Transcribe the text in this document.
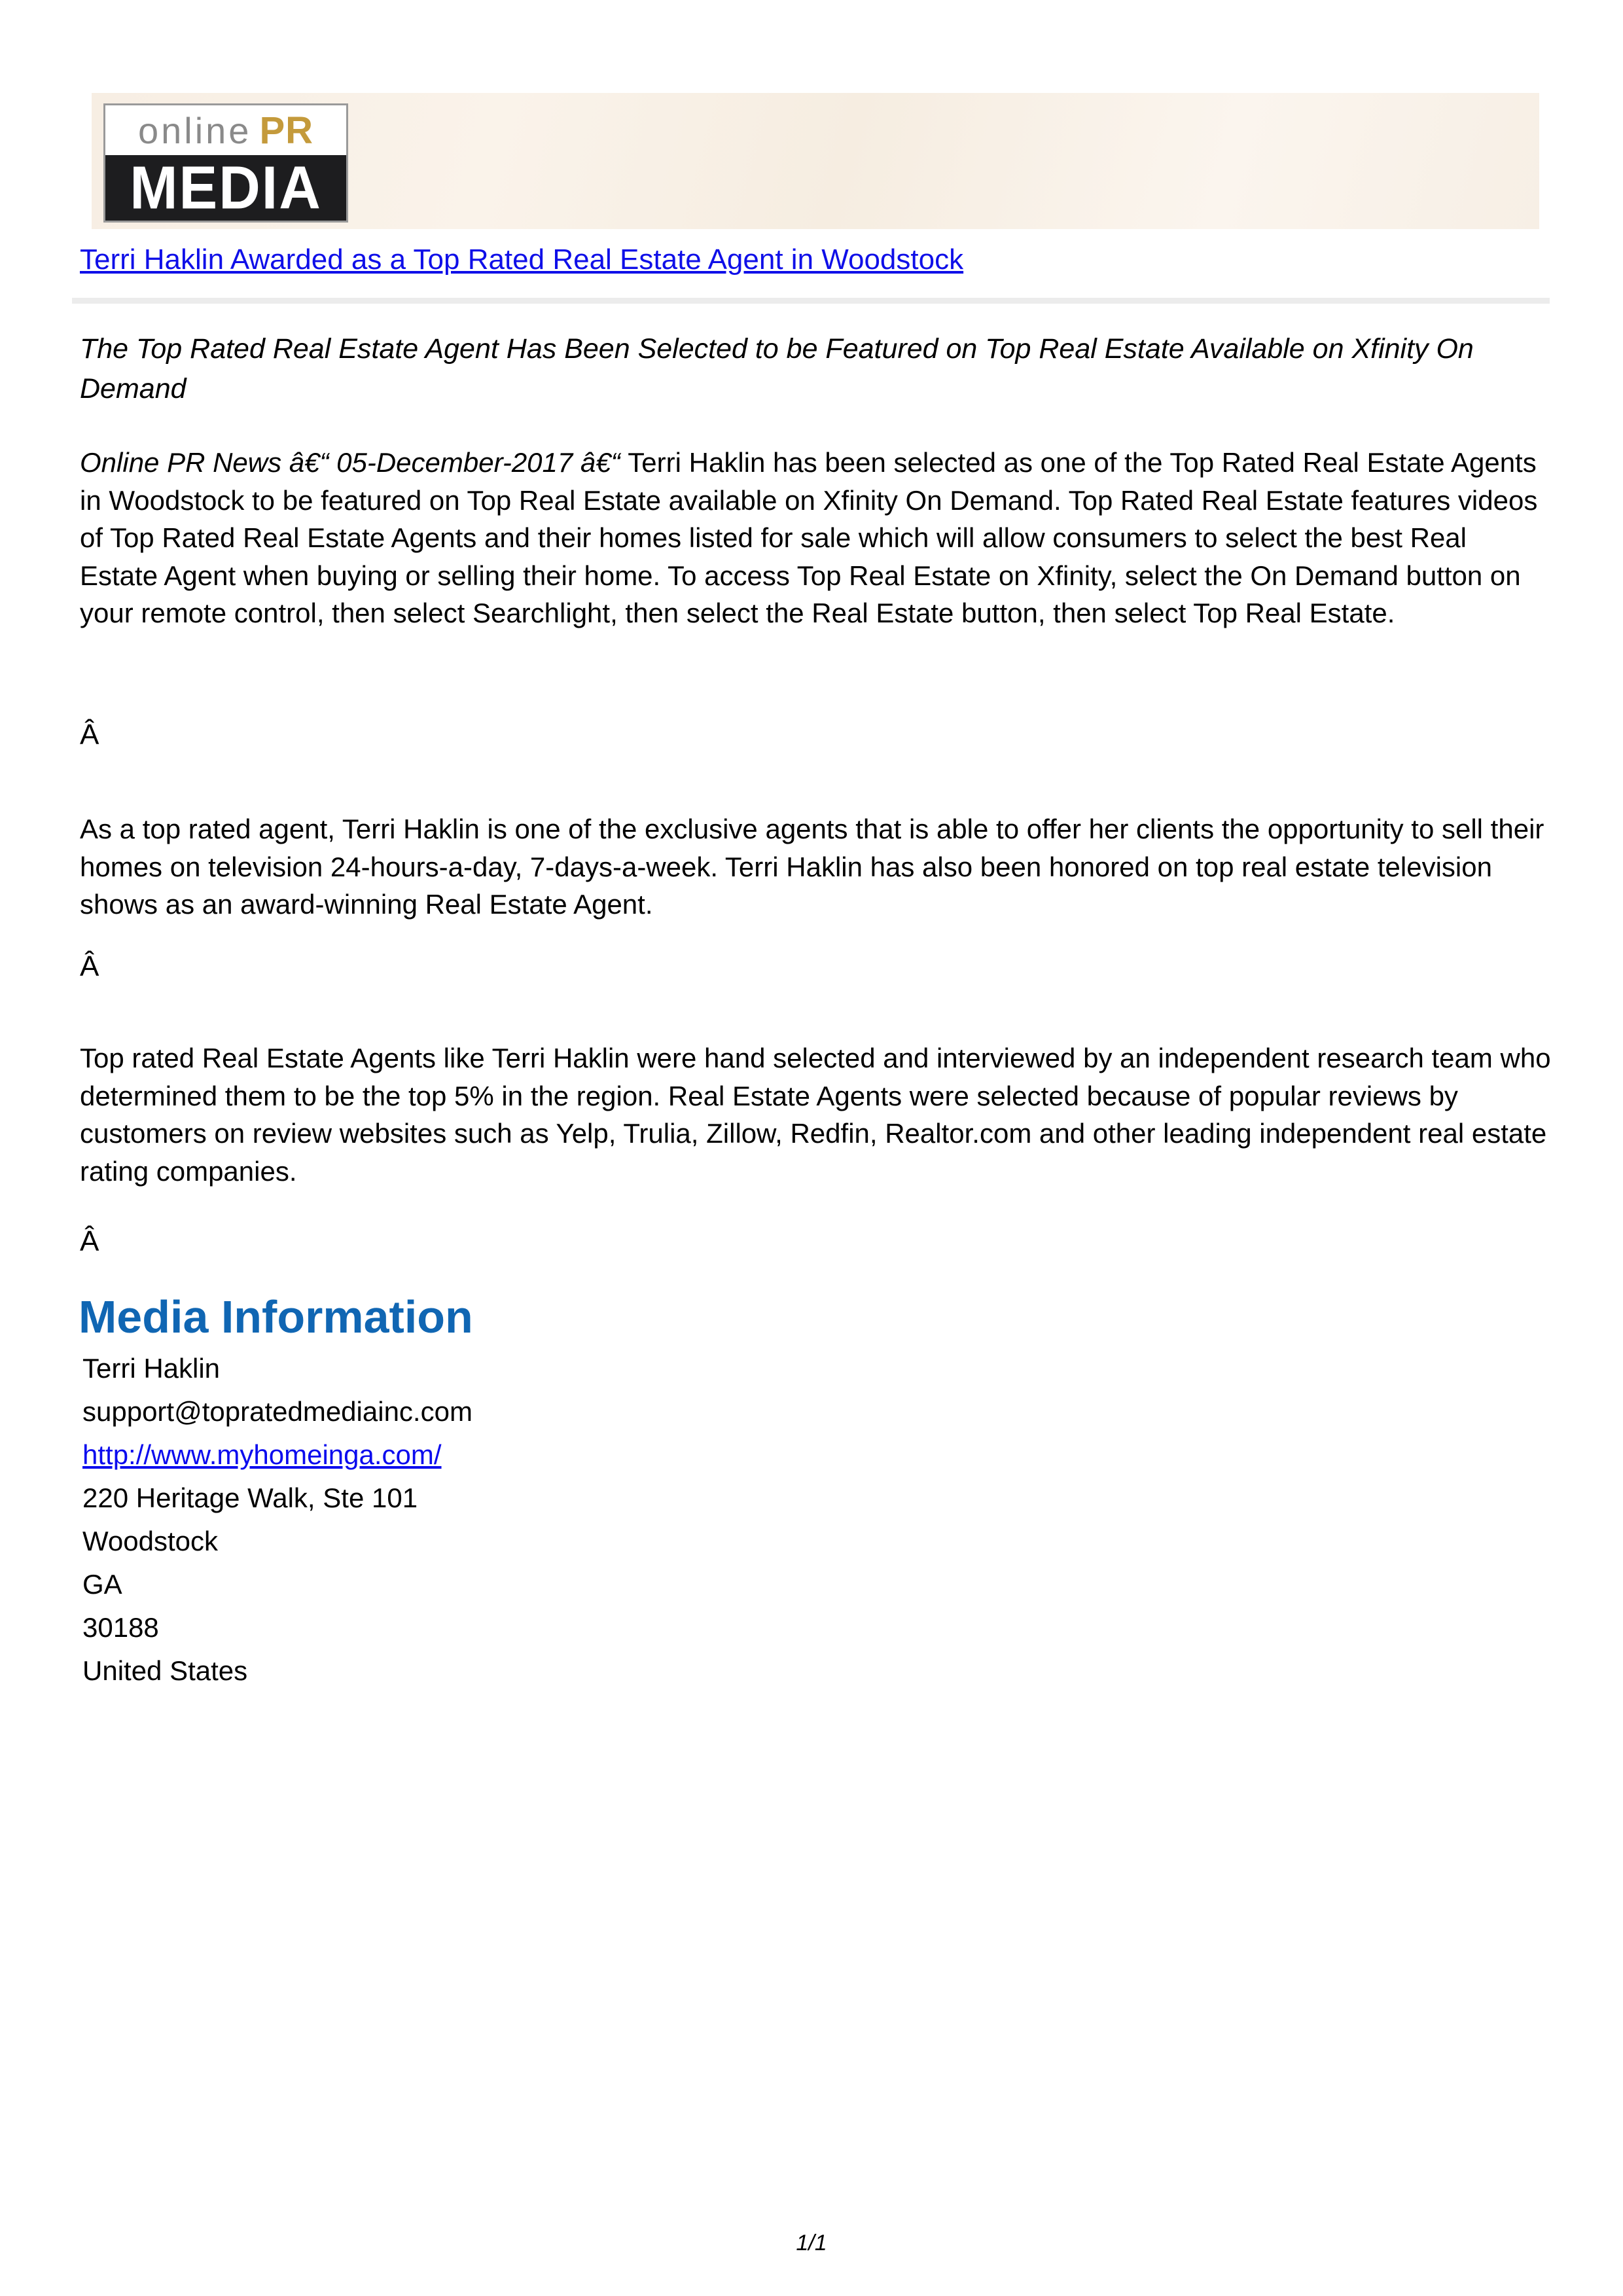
online PR
MEDIA
Terri Haklin Awarded as a Top Rated Real Estate Agent in Woodstock
The Top Rated Real Estate Agent Has Been Selected to be Featured on Top Real Estate Available on Xfinity On Demand

Online PR News â€“ 05-December-2017 â€“ Terri Haklin has been selected as one of the Top Rated Real Estate Agents in Woodstock to be featured on Top Real Estate available on Xfinity On Demand. Top Rated Real Estate features videos of Top Rated Real Estate Agents and their homes listed for sale which will allow consumers to select the best Real Estate Agent when buying or selling their home. To access Top Real Estate on Xfinity, select the On Demand button on your remote control, then select Searchlight, then select the Real Estate button, then select Top Real Estate.

Â

As a top rated agent, Terri Haklin is one of the exclusive agents that is able to offer her clients the opportunity to sell their homes on television 24-hours-a-day, 7-days-a-week. Terri Haklin has also been honored on top real estate television shows as an award-winning Real Estate Agent.

Â

Top rated Real Estate Agents like Terri Haklin were hand selected and interviewed by an independent research team who determined them to be the top 5% in the region. Real Estate Agents were selected because of popular reviews by customers on review websites such as Yelp, Trulia, Zillow, Redfin, Realtor.com and other leading independent real estate rating companies.

Â
Media Information
Terri Haklin
support@topratedmediainc.com
http://www.myhomeinga.com/
220 Heritage Walk, Ste 101
Woodstock
GA
30188
United States
1/1
